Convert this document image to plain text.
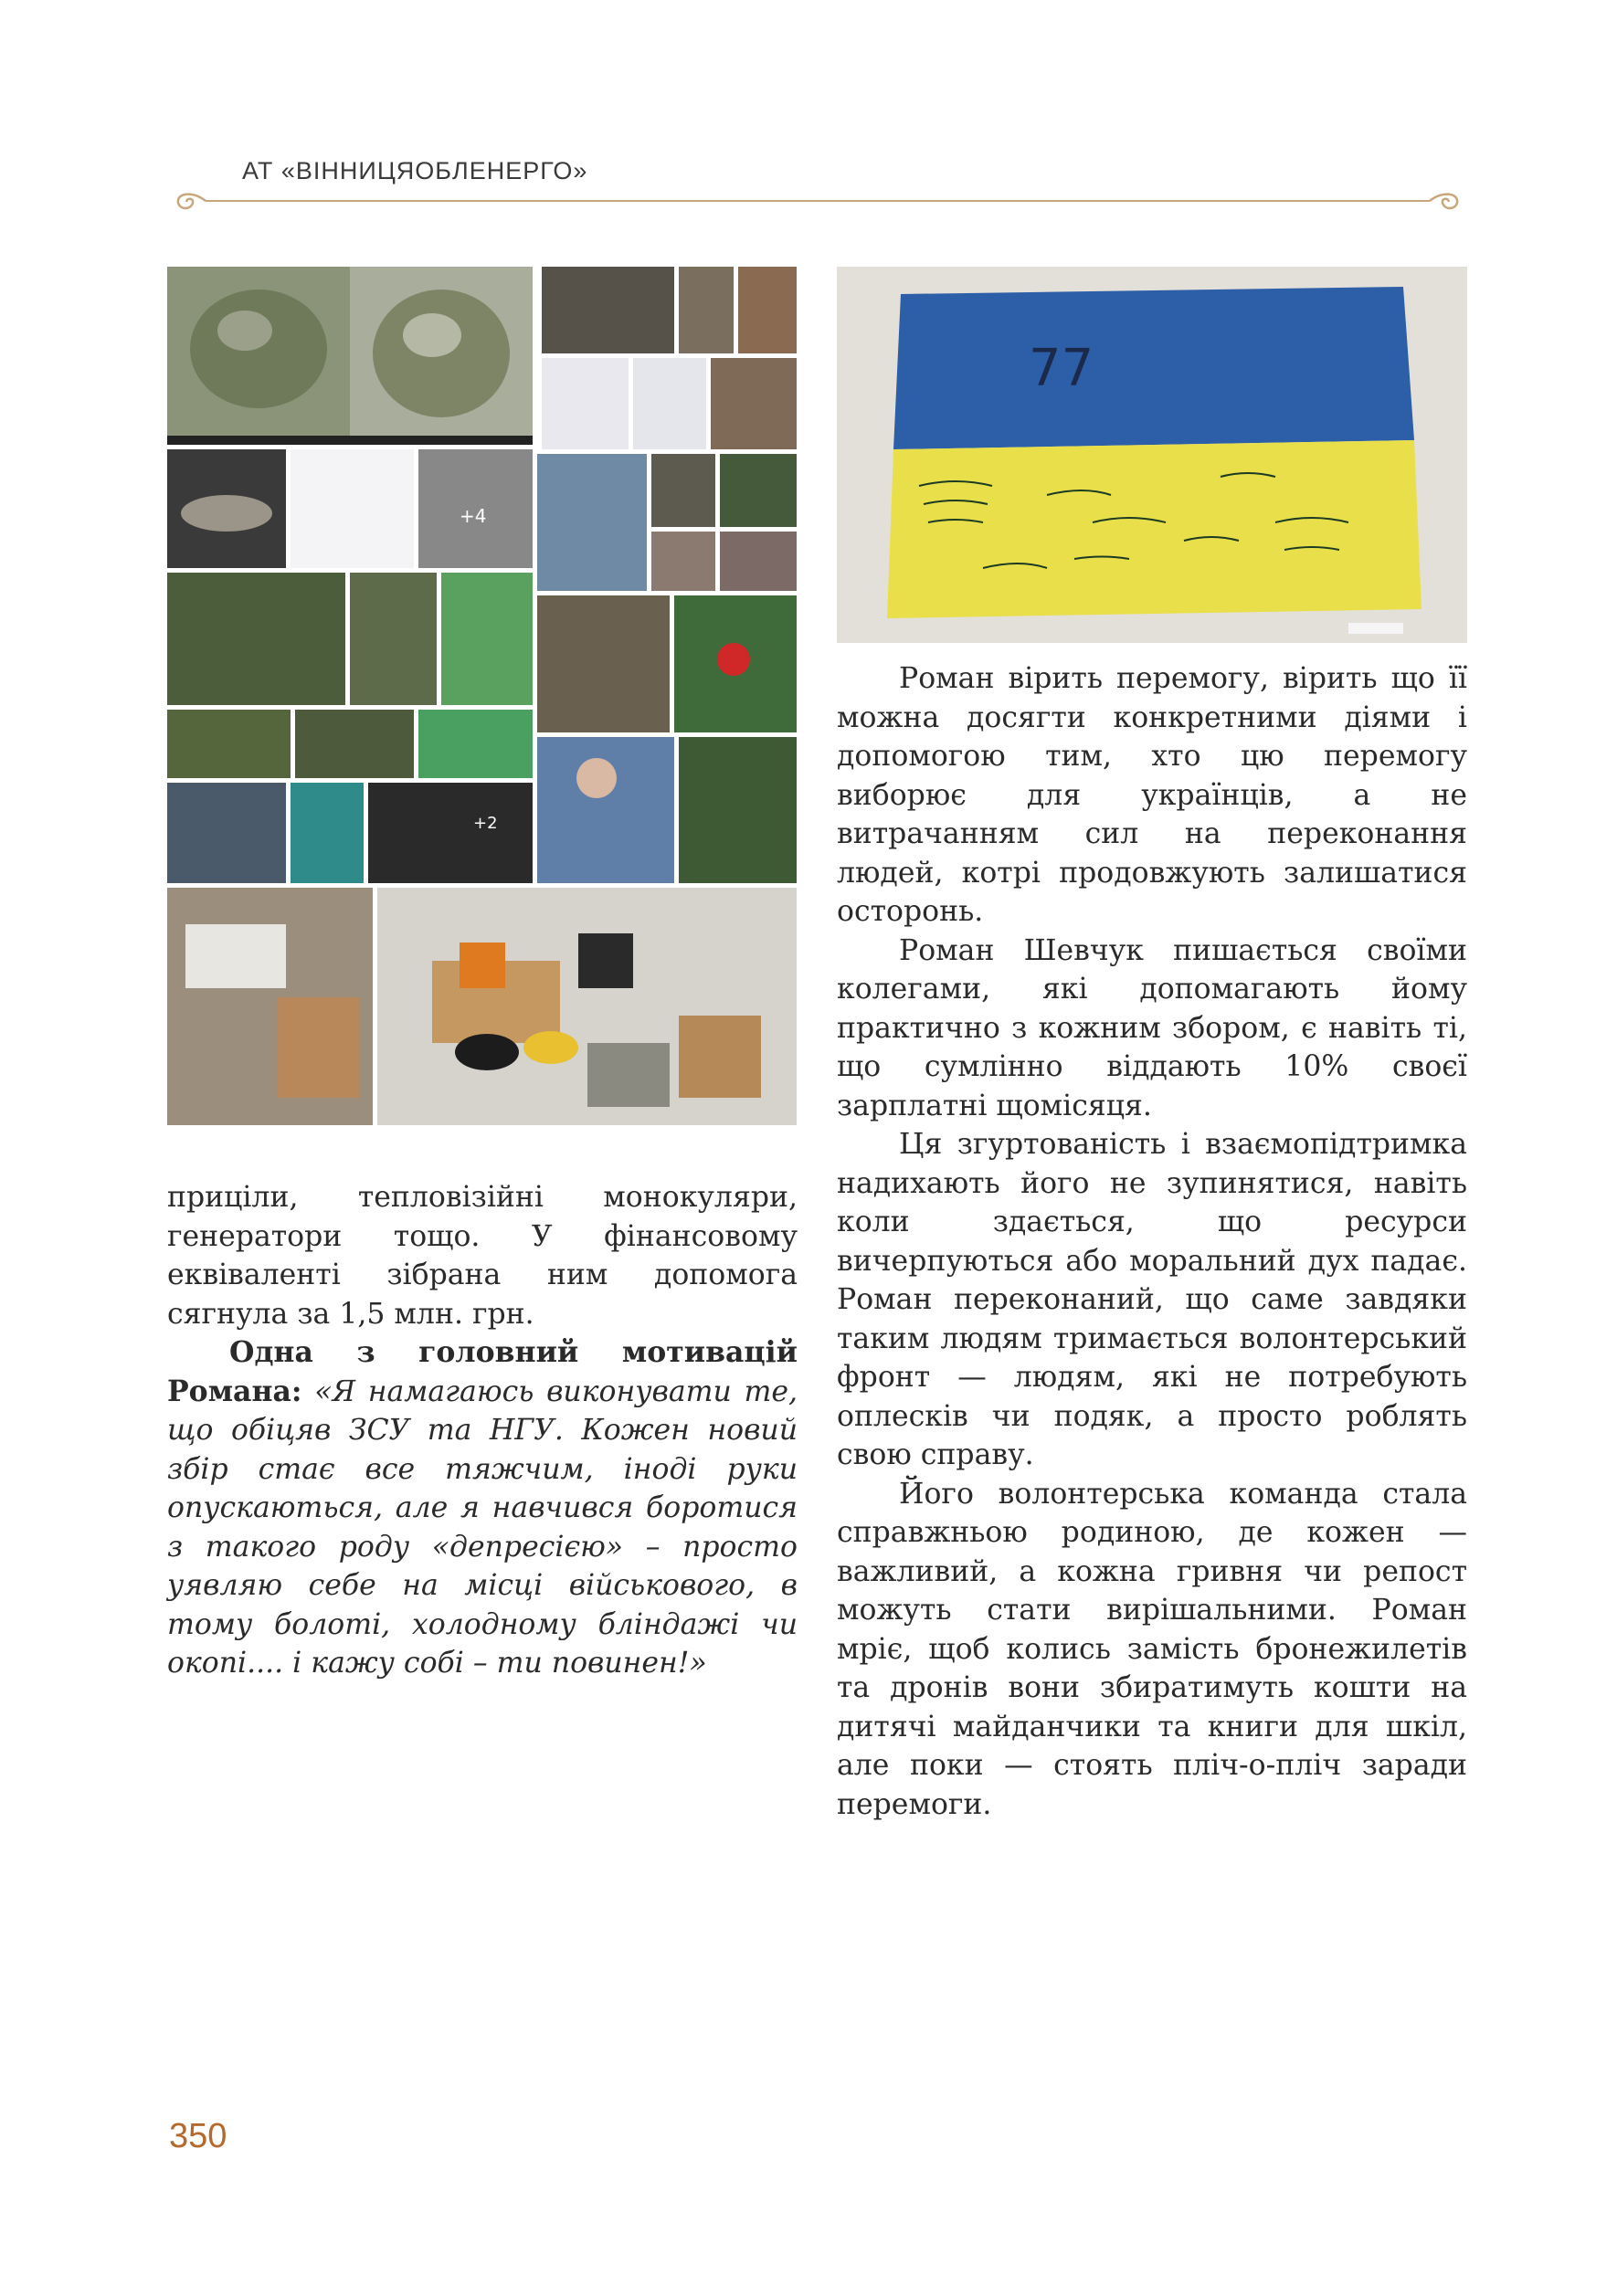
АТ «ВІННИЦЯОБЛЕНЕРГО»
+4
+2
77

прицiли, тепловiзiйнi монокуляри, генератори тощо. У фiнансовому еквiвалентi зiбрана ним допомога сягнула за 1,5 млн. грн.

Одна з головний мотивацiй Романа: «Я намагаюсь виконувати те, що обiцяв ЗСУ та НГУ. Кожен новий збiр стає все тяжчим, iнодi руки опускаються, але я навчився боротися з такого роду «депресiєю» – просто уявляю себе на мiсцi вiйськового, в тому болотi, холодному блiндажi чи окопi.... i кажу собi – ти повинен!»

Роман вiрить перемогу, вiрить що її можна досягти конкретними дiями i допомогою тим, хто цю перемогу виборює для українцiв, а не витрачанням сил на переконання людей, котрi продовжують залишатися осторонь.

Роман Шевчук пишається своїми колегами, якi допомагають йому практично з кожним збором, є навiть тi, що сумлiнно вiддають 10% своєї зарплатнi щомiсяця.

Ця згуртованiсть i взаємопiдтримка надихають його не зупинятися, навiть коли здається, що ресурси вичерпуються або моральний дух падає. Роман переконаний, що саме завдяки таким людям тримається волонтерський фронт — людям, якi не потребують оплескiв чи подяк, а просто роблять свою справу.

Його волонтерська команда стала справжньою родиною, де кожен — важливий, а кожна гривня чи репост можуть стати вирiшальними. Роман мрiє, щоб колись замiсть бронежилетiв та дронiв вони збиратимуть кошти на дитячi майданчики та книги для шкiл, але поки — стоять плiч-о-плiч заради перемоги.

350
